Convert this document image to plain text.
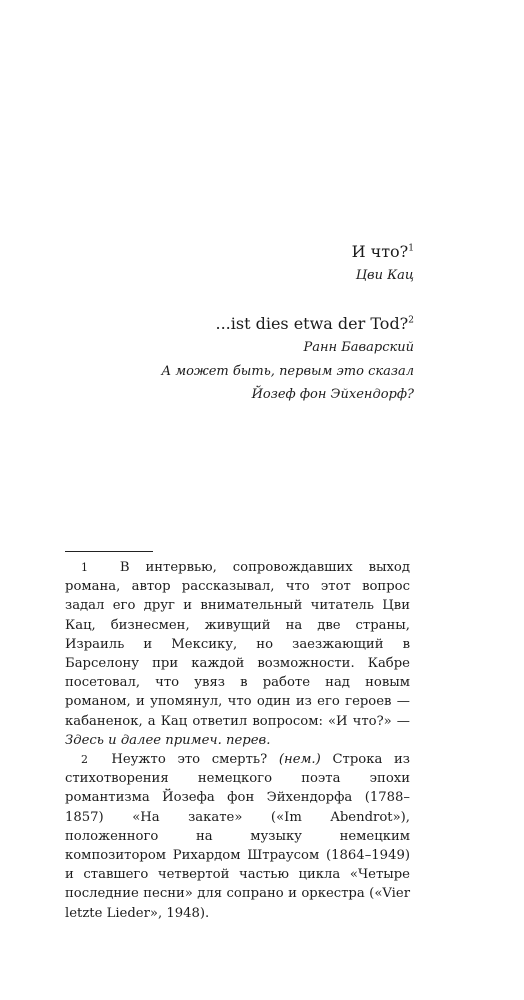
И что?$^1$
Цви Кац
...ist dies etwa der Tod?$^2$
Ранн Баварский
А может быть, первым это сказал
Йозеф фон Эйхендорф?

1 В интервью, сопровождавших выход романа, автор рассказывал, что этот вопрос задал его друг и внимательный читатель Цви Кац, бизнесмен, живущий на две страны, Израиль и Мексику, но заезжающий в Барселону при каждой возможности. Кабре посетовал, что увяз в работе над новым романом, и упомянул, что один из его героев — кабаненок, а Кац ответил вопросом: «И что?» — Здесь и далее примеч. перев.

2 Неужто это смерть? (нем.) Строка из стихотворения немецкого поэта эпохи романтизма Йозефа фон Эйхендорфа (1788–1857) «На закате» («Im Abendrot»), положенного на музыку немецким композитором Рихардом Штраусом (1864–1949) и ставшего четвертой частью цикла «Четыре последние песни» для сопрано и оркестра («Vier letzte Lieder», 1948).
